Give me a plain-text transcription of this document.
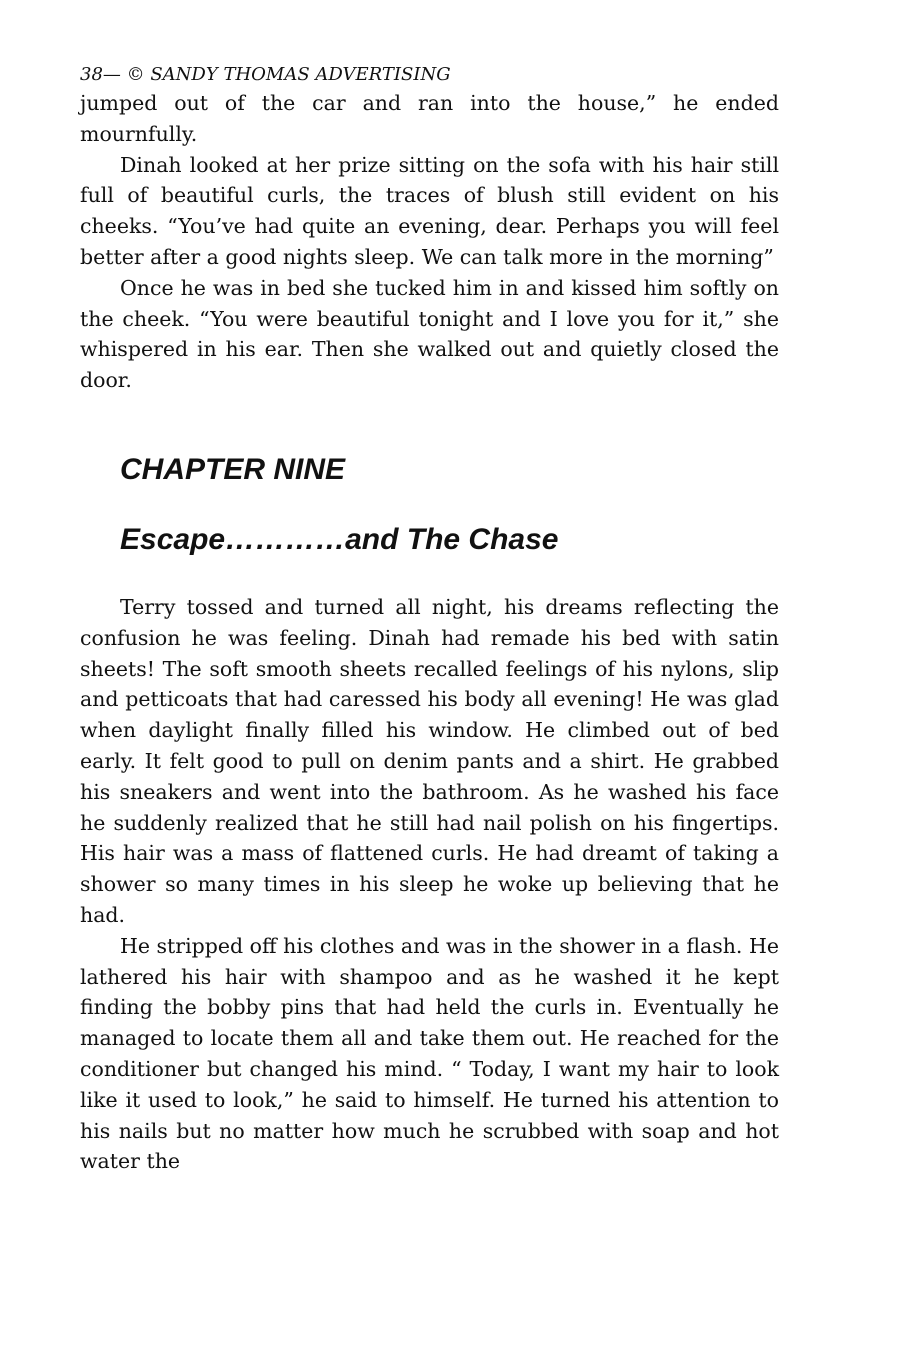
38— © SANDY THOMAS ADVERTISING

jumped out of the car and ran into the house,” he ended mournfully.

Dinah looked at her prize sitting on the sofa with his hair still full of beautiful curls, the traces of blush still evident on his cheeks. “You’ve had quite an evening, dear. Perhaps you will feel better after a good nights sleep. We can talk more in the morning”

Once he was in bed she tucked him in and kissed him softly on the cheek. “You were beautiful tonight and I love you for it,” she whispered in his ear. Then she walked out and quietly closed the door.

CHAPTER NINE
Escape…………and The Chase

Terry tossed and turned all night, his dreams reflecting the confusion he was feeling. Dinah had remade his bed with satin sheets! The soft smooth sheets recalled feelings of his nylons, slip and petticoats that had caressed his body all evening! He was glad when daylight finally filled his window. He climbed out of bed early. It felt good to pull on denim pants and a shirt. He grabbed his sneakers and went into the bathroom. As he washed his face he suddenly realized that he still had nail polish on his fingertips. His hair was a mass of flattened curls. He had dreamt of taking a shower so many times in his sleep he woke up believing that he had.

He stripped off his clothes and was in the shower in a flash. He lathered his hair with shampoo and as he washed it he kept finding the bobby pins that had held the curls in. Eventually he managed to locate them all and take them out. He reached for the conditioner but changed his mind. “ Today, I want my hair to look like it used to look,” he said to himself. He turned his attention to his nails but no matter how much he scrubbed with soap and hot water the
